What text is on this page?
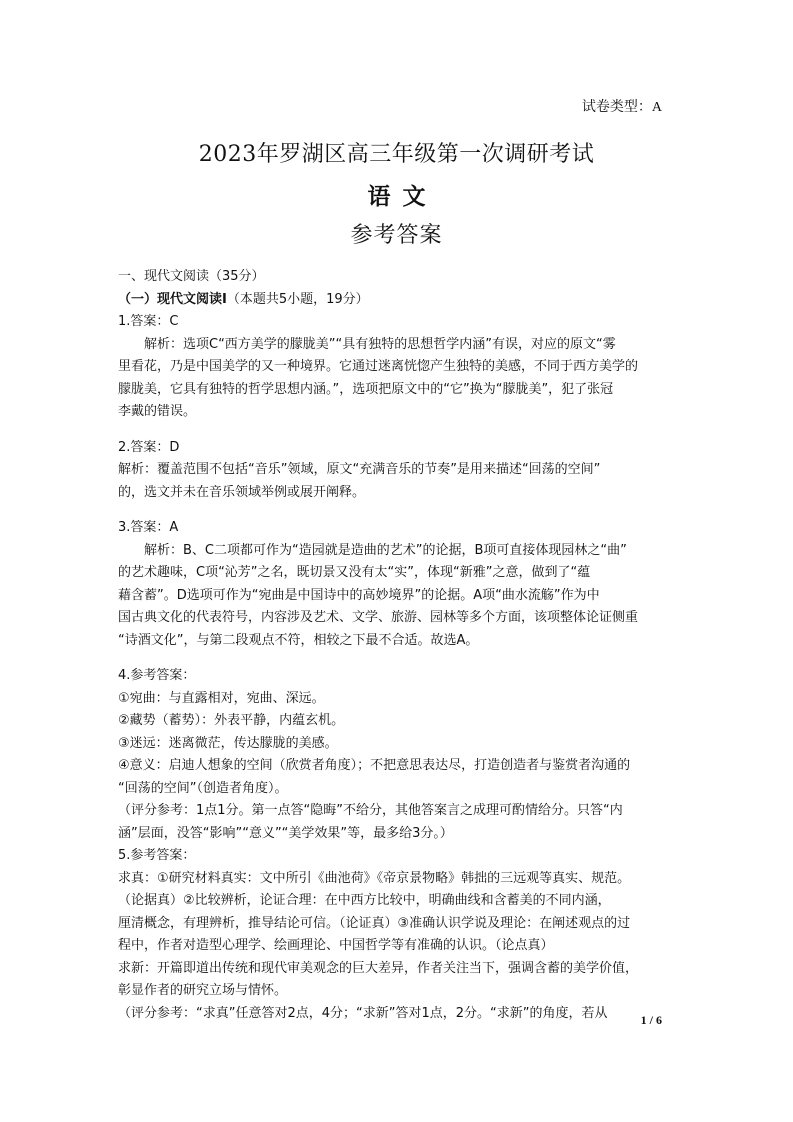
试卷类型：A
2023年罗湖区高三年级第一次调研考试
语文
参考答案
一、现代文阅读（35分）
（一）现代文阅读I（本题共5小题，19分）
1.答案：C
解析：选项C“西方美学的朦胧美”“具有独特的思想哲学内涵”有误，对应的原文“雾
里看花，乃是中国美学的又一种境界。它通过迷离恍惚产生独特的美感，不同于西方美学的
朦胧美，它具有独特的哲学思想内涵。”，选项把原文中的“它”换为“朦胧美”，犯了张冠
李戴的错误。
2.答案：D
解析：覆盖范围不包括“音乐”领域，原文“充满音乐的节奏”是用来描述“回荡的空间”
的，选文并未在音乐领域举例或展开阐释。
3.答案：A
解析：B、C二项都可作为“造园就是造曲的艺术”的论据，B项可直接体现园林之“曲”
的艺术趣味，C项“沁芳”之名，既切景又没有太“实”，体现“新雅”之意，做到了“蕴
藉含蓄”。D选项可作为“宛曲是中国诗中的高妙境界”的论据。A项“曲水流觞”作为中
国古典文化的代表符号，内容涉及艺术、文学、旅游、园林等多个方面，该项整体论证侧重
“诗酒文化”，与第二段观点不符，相较之下最不合适。故选A。
4.参考答案：
①宛曲：与直露相对，宛曲、深远。
②藏势（蓄势）：外表平静，内蕴玄机。
③迷远：迷离微茫，传达朦胧的美感。
④意义：启迪人想象的空间（欣赏者角度）；不把意思表达尽，打造创造者与鉴赏者沟通的
“回荡的空间”（创造者角度）。
（评分参考：1点1分。第一点答“隐晦”不给分，其他答案言之成理可酌情给分。只答“内
涵”层面，没答“影响”“意义”“美学效果”等，最多给3分。）
5.参考答案：
求真：①研究材料真实：文中所引《曲池荷》《帝京景物略》韩拙的三远观等真实、规范。
（论据真）②比较辨析，论证合理：在中西方比较中，明确曲线和含蓄美的不同内涵，
厘清概念，有理辨析，推导结论可信。（论证真）③准确认识学说及理论：在阐述观点的过
程中，作者对造型心理学、绘画理论、中国哲学等有准确的认识。（论点真）
求新：开篇即道出传统和现代审美观念的巨大差异，作者关注当下，强调含蓄的美学价值，
彰显作者的研究立场与情怀。
（评分参考：“求真”任意答对2点，4分；“求新”答对1点，2分。“求新”的角度，若从	1 / 6
